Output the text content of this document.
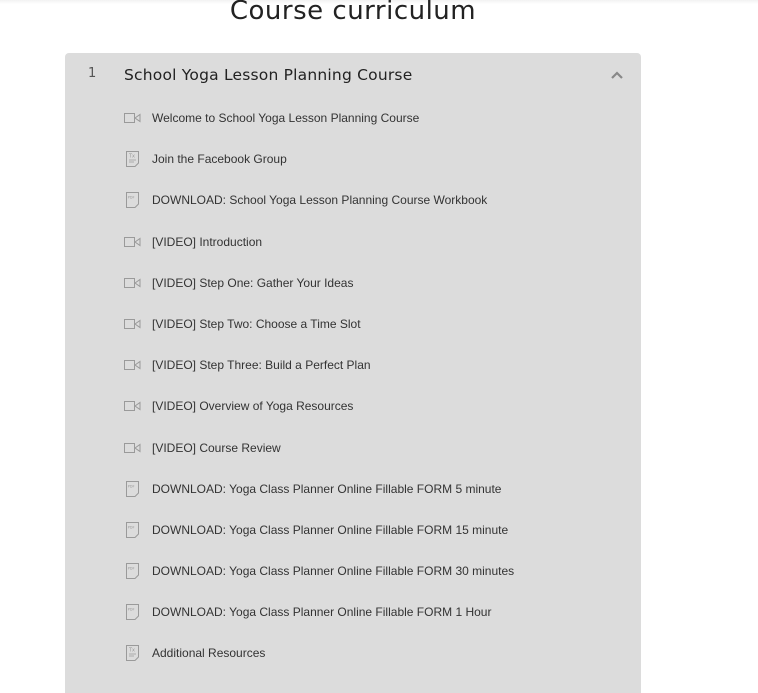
Course curriculum
1 School Yoga Lesson Planning Course
Welcome to School Yoga Lesson Planning Course
Tx Join the Facebook Group
PDF DOWNLOAD: School Yoga Lesson Planning Course Workbook
[VIDEO] Introduction
[VIDEO] Step One: Gather Your Ideas
[VIDEO] Step Two: Choose a Time Slot
[VIDEO] Step Three: Build a Perfect Plan
[VIDEO] Overview of Yoga Resources
[VIDEO] Course Review
PDF DOWNLOAD: Yoga Class Planner Online Fillable FORM 5 minute
PDF DOWNLOAD: Yoga Class Planner Online Fillable FORM 15 minute
PDF DOWNLOAD: Yoga Class Planner Online Fillable FORM 30 minutes
PDF DOWNLOAD: Yoga Class Planner Online Fillable FORM 1 Hour
Tx Additional Resources
